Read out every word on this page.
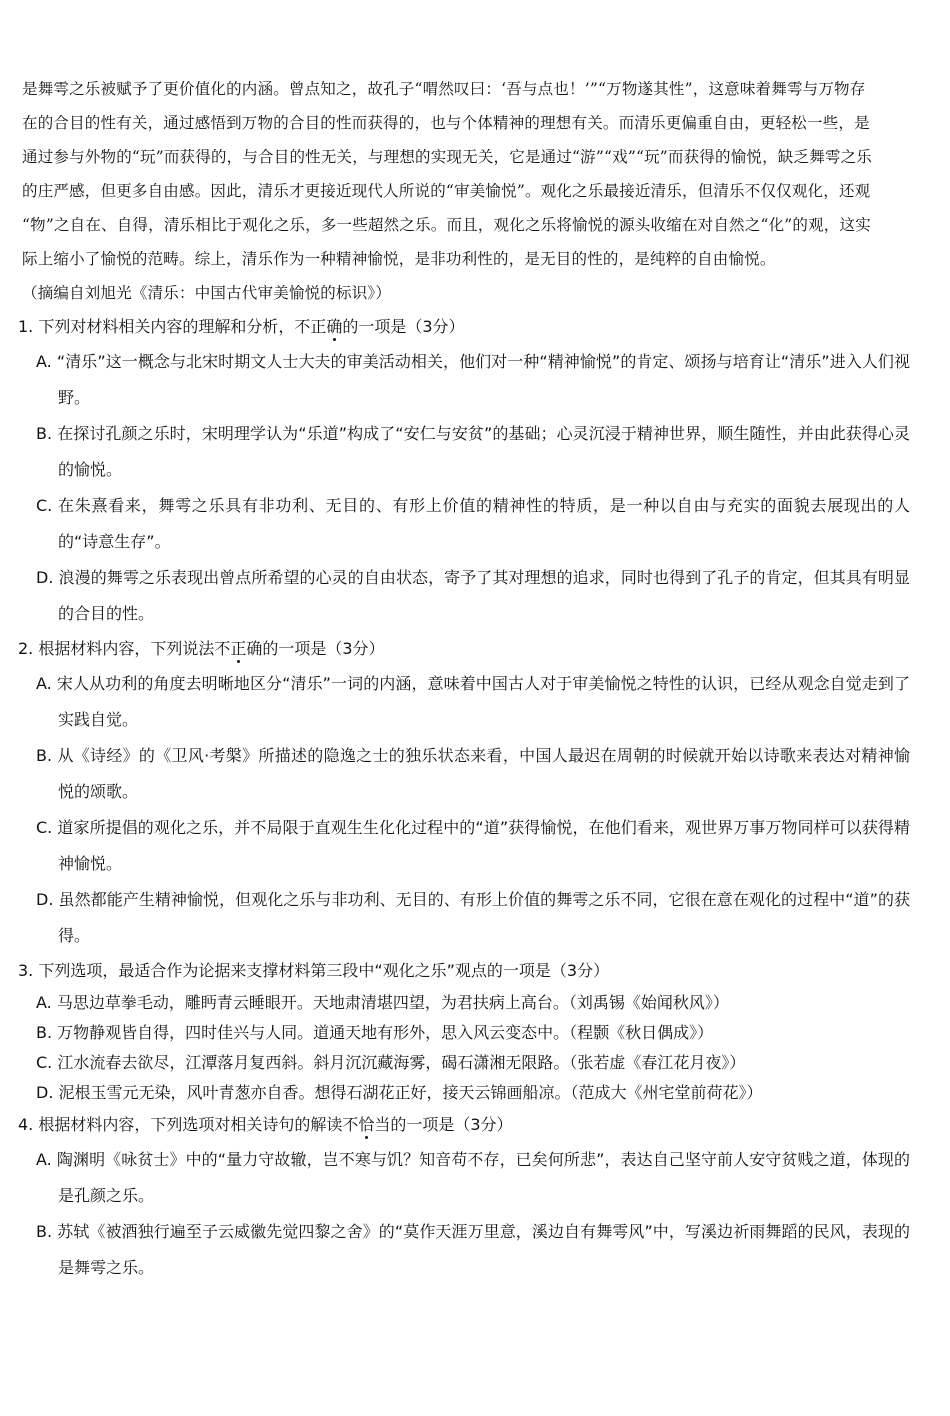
是舞雩之乐被赋予了更价值化的内涵。曾点知之，故孔子“喟然叹曰：‘吾与点也！’”“万物遂其性”，这意味着舞雩与万物存

在的合目的性有关，通过感悟到万物的合目的性而获得的，也与个体精神的理想有关。而清乐更偏重自由，更轻松一些，是

通过参与外物的“玩”而获得的，与合目的性无关，与理想的实现无关，它是通过“游”“戏”“玩”而获得的愉悦，缺乏舞雩之乐

的庄严感，但更多自由感。因此，清乐才更接近现代人所说的“审美愉悦”。观化之乐最接近清乐，但清乐不仅仅观化，还观

“物”之自在、自得，清乐相比于观化之乐，多一些超然之乐。而且，观化之乐将愉悦的源头收缩在对自然之“化”的观，这实

际上缩小了愉悦的范畴。综上，清乐作为一种精神愉悦，是非功利性的，是无目的性的，是纯粹的自由愉悦。

（摘编自刘旭光《清乐：中国古代审美愉悦的标识》）

1. 下列对材料相关内容的理解和分析，不正确的一项是（3分）

A. “清乐”这一概念与北宋时期文人士大夫的审美活动相关，他们对一种“精神愉悦”的肯定、颂扬与培育让“清乐”进入人们视野。

B. 在探讨孔颜之乐时，宋明理学认为“乐道”构成了“安仁与安贫”的基础；心灵沉浸于精神世界，顺生随性，并由此获得心灵的愉悦。

C. 在朱熹看来，舞雩之乐具有非功利、无目的、有形上价值的精神性的特质，是一种以自由与充实的面貌去展现出的人的“诗意生存”。

D. 浪漫的舞雩之乐表现出曾点所希望的心灵的自由状态，寄予了其对理想的追求，同时也得到了孔子的肯定，但其具有明显的合目的性。

2. 根据材料内容，下列说法不正确的一项是（3分）

A. 宋人从功利的角度去明晰地区分“清乐”一词的内涵，意味着中国古人对于审美愉悦之特性的认识，已经从观念自觉走到了实践自觉。

B. 从《诗经》的《卫风·考槃》所描述的隐逸之士的独乐状态来看，中国人最迟在周朝的时候就开始以诗歌来表达对精神愉悦的颂歌。

C. 道家所提倡的观化之乐，并不局限于直观生生化化过程中的“道”获得愉悦，在他们看来，观世界万事万物同样可以获得精神愉悦。

D. 虽然都能产生精神愉悦，但观化之乐与非功利、无目的、有形上价值的舞雩之乐不同，它很在意在观化的过程中“道”的获得。

3. 下列选项，最适合作为论据来支撑材料第三段中“观化之乐”观点的一项是（3分）

A. 马思边草拳毛动，雕眄青云睡眼开。天地肃清堪四望，为君扶病上高台。（刘禹锡《始闻秋风》）

B. 万物静观皆自得，四时佳兴与人同。道通天地有形外，思入风云变态中。（程颢《秋日偶成》）

C. 江水流春去欲尽，江潭落月复西斜。斜月沉沉藏海雾，碣石潇湘无限路。（张若虚《春江花月夜》）

D. 泥根玉雪元无染，风叶青葱亦自香。想得石湖花正好，接天云锦画船凉。（范成大《州宅堂前荷花》）

4. 根据材料内容，下列选项对相关诗句的解读不恰当的一项是（3分）

A. 陶渊明《咏贫士》中的“量力守故辙，岂不寒与饥？知音苟不存，已矣何所悲”，表达自己坚守前人安守贫贱之道，体现的是孔颜之乐。

B. 苏轼《被酒独行遍至子云威徽先觉四黎之舍》的“莫作天涯万里意，溪边自有舞雩风”中，写溪边祈雨舞蹈的民风，表现的是舞雩之乐。
